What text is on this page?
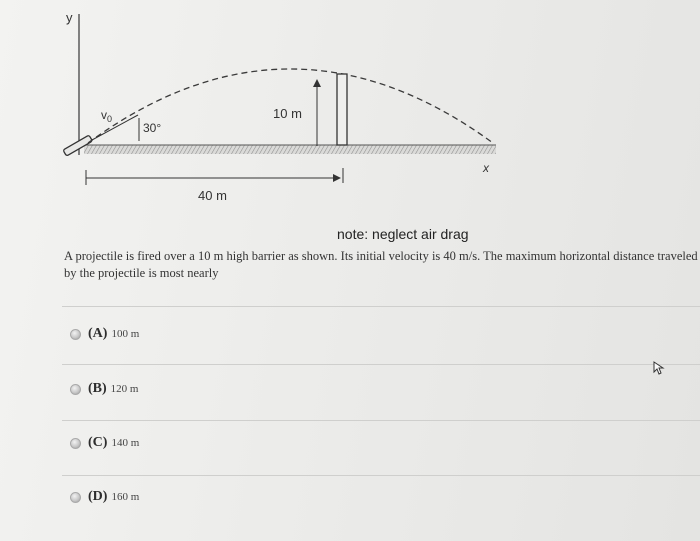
y
$v_0$
30°
10 m
40 m
x
note: neglect air drag
A projectile is fired over a 10 m high barrier as shown. Its initial velocity is 40 m/s. The maximum horizontal distance traveled by the projectile is most nearly
(A) 100 m
(B) 120 m
(C) 140 m
(D) 160 m
